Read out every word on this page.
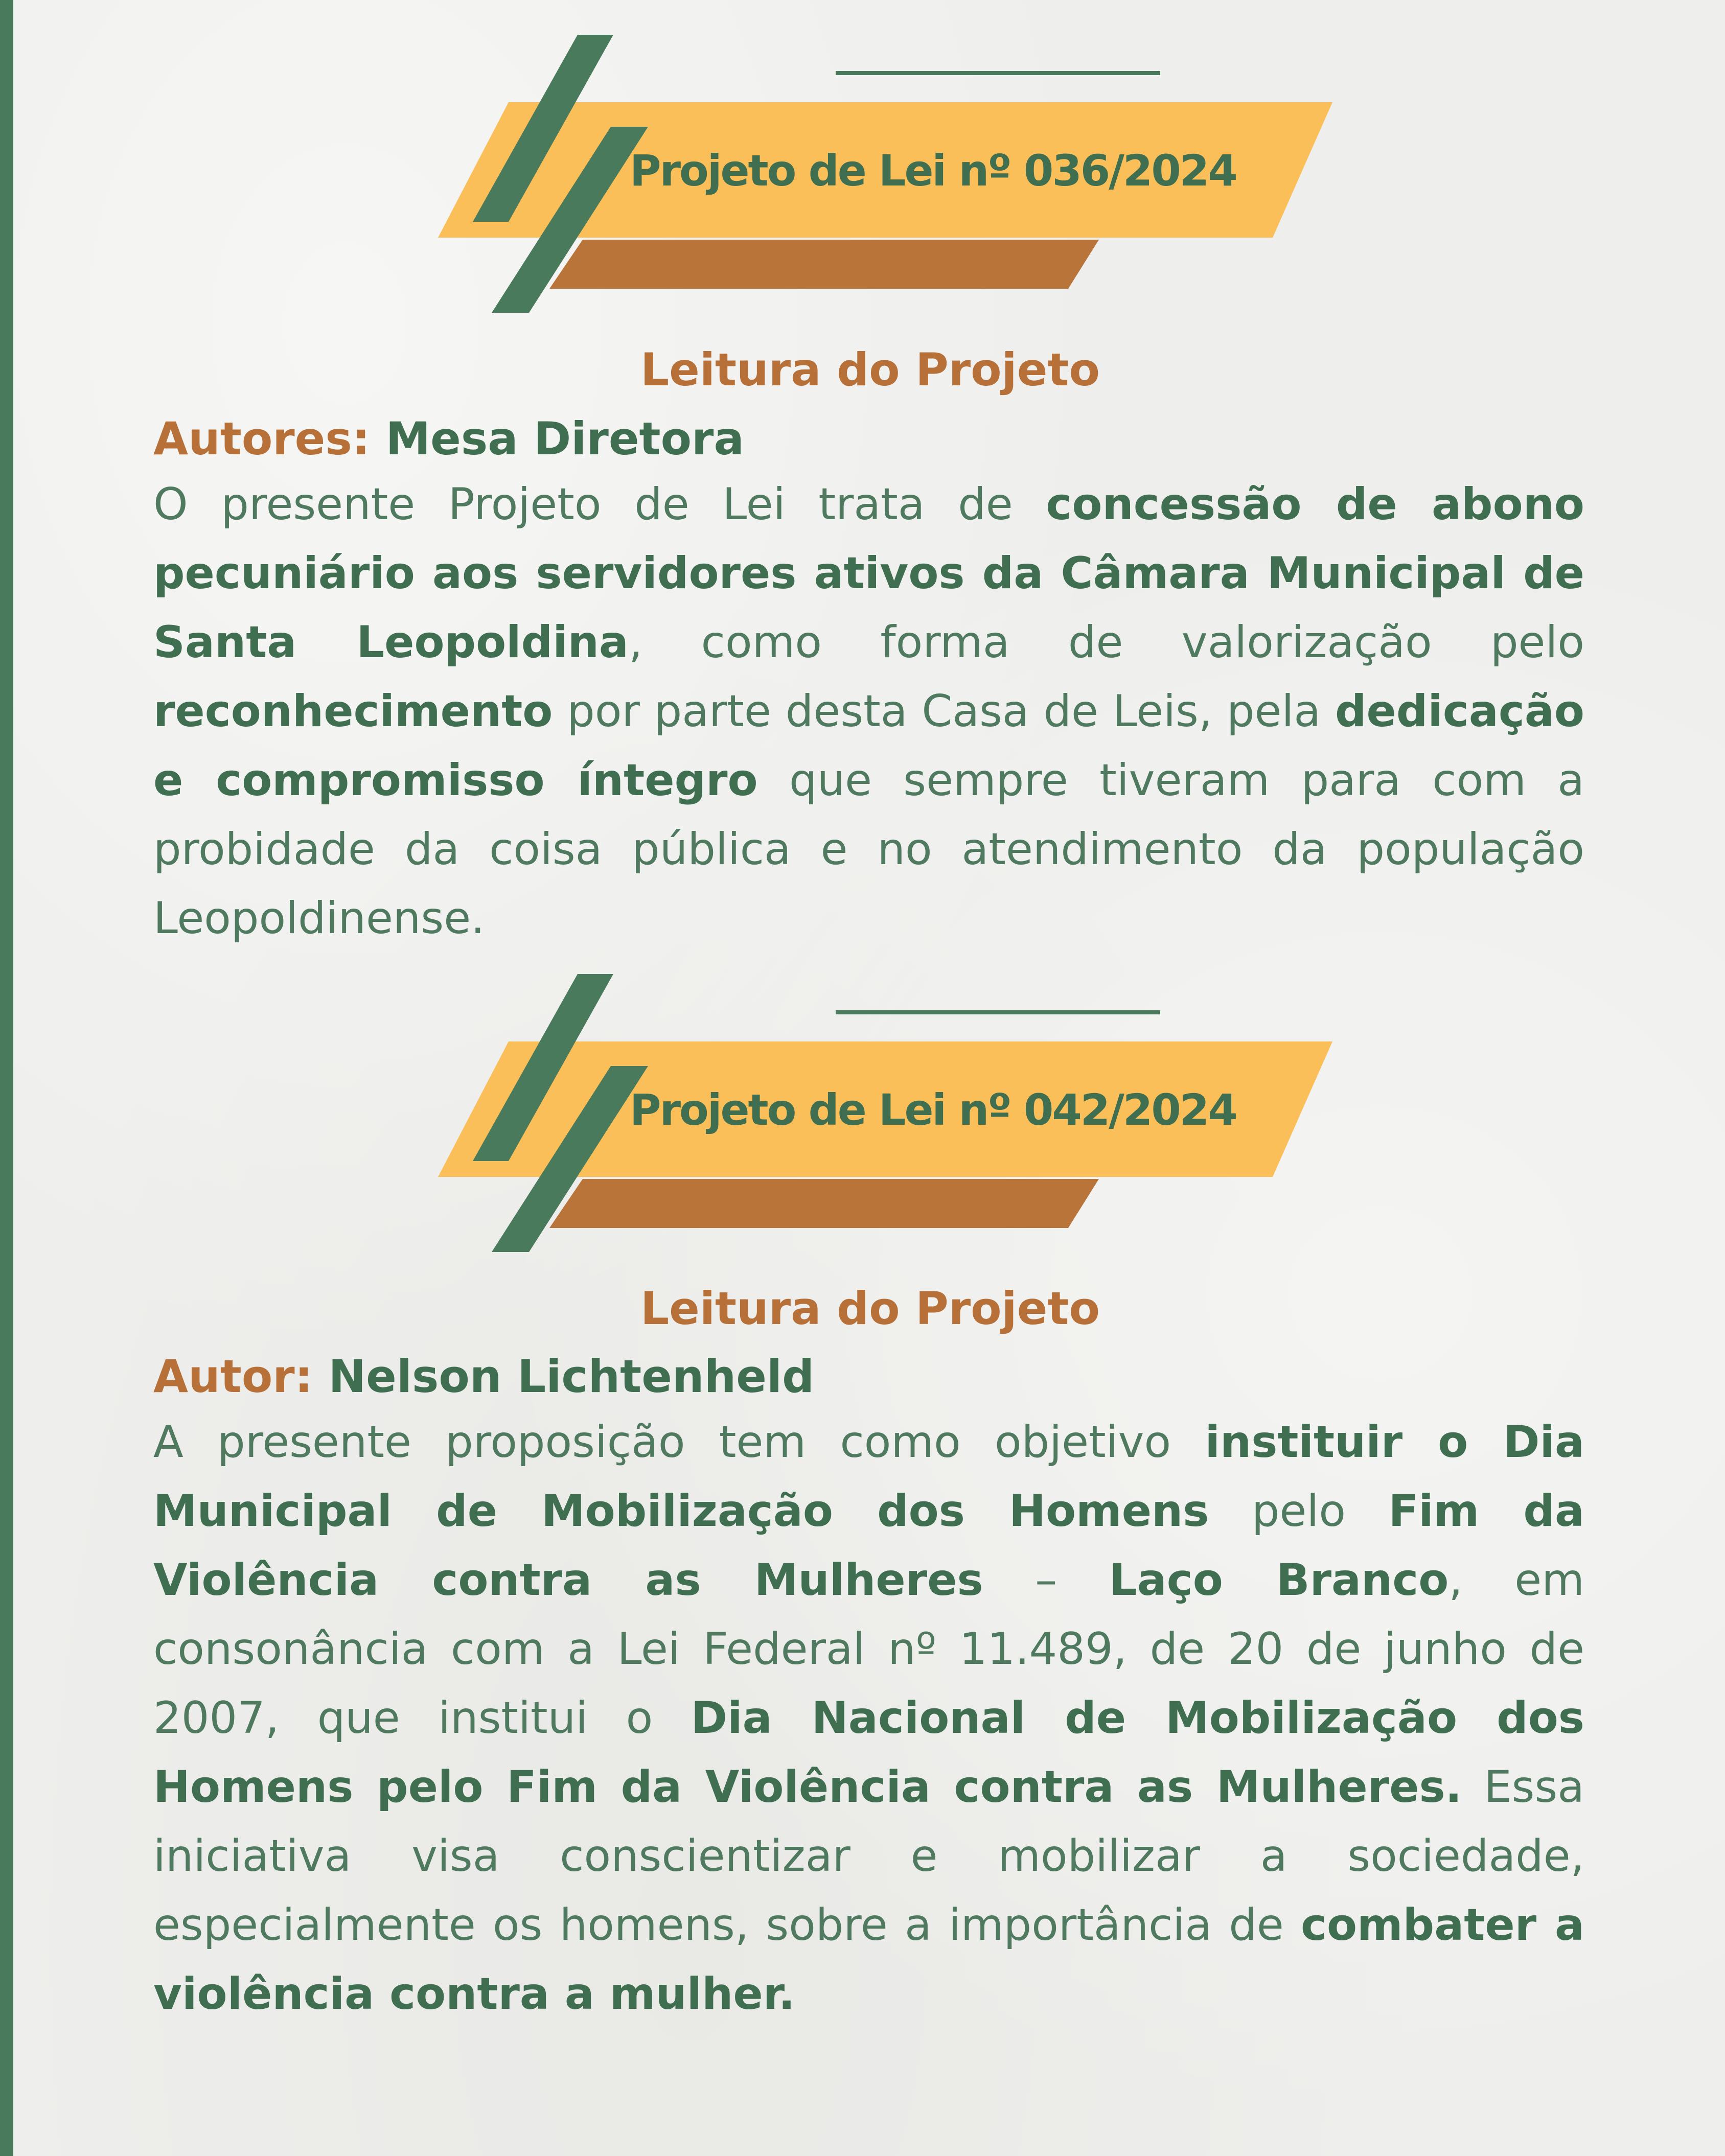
Projeto de Lei nº 036/2024
Leitura do Projeto
Autores: Mesa Diretora
O presente Projeto de Lei trata de concessão de abono pecuniário aos servidores ativos da Câmara Municipal de Santa Leopoldina, como forma de valorização pelo reconhecimento por parte desta Casa de Leis, pela dedicação e compromisso íntegro que sempre tiveram para com a probidade da coisa pública e no atendimento da população Leopoldinense.
Projeto de Lei nº 042/2024
Leitura do Projeto
Autor: Nelson Lichtenheld
A presente proposição tem como objetivo instituir o Dia Municipal de Mobilização dos Homens pelo Fim da Violência contra as Mulheres – Laço Branco, em consonância com a Lei Federal nº 11.489, de 20 de junho de 2007, que institui o Dia Nacional de Mobilização dos Homens pelo Fim da Violência contra as Mulheres. Essa iniciativa visa conscientizar e mobilizar a sociedade, especialmente os homens, sobre a importância de combater a violência contra a mulher.
